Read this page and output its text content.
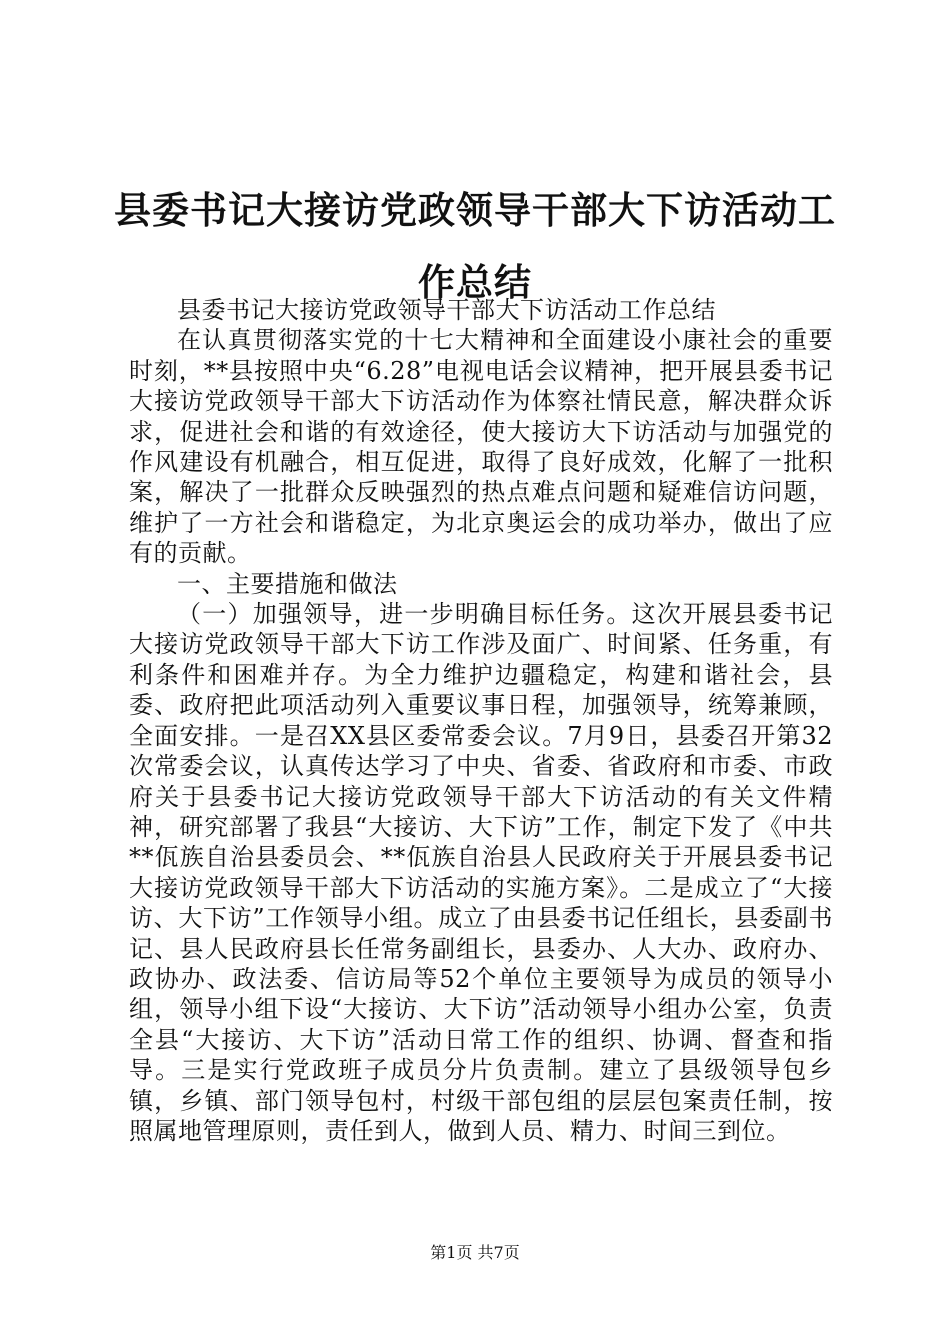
县委书记大接访党政领导干部大下访活动工作总结

县委书记大接访党政领导干部大下访活动工作总结

在认真贯彻落实党的十七大精神和全面建设小康社会的重要时刻，**县按照中央“6.28”电视电话会议精神，把开展县委书记大接访党政领导干部大下访活动作为体察社情民意，解决群众诉求，促进社会和谐的有效途径，使大接访大下访活动与加强党的作风建设有机融合，相互促进，取得了良好成效，化解了一批积案，解决了一批群众反映强烈的热点难点问题和疑难信访问题，维护了一方社会和谐稳定，为北京奥运会的成功举办，做出了应有的贡献。

一、主要措施和做法

（一）加强领导，进一步明确目标任务。这次开展县委书记大接访党政领导干部大下访工作涉及面广、时间紧、任务重，有利条件和困难并存。为全力维护边疆稳定，构建和谐社会，县委、政府把此项活动列入重要议事日程，加强领导，统筹兼顾，全面安排。一是召XX县区委常委会议。7月9日，县委召开第32次常委会议，认真传达学习了中央、省委、省政府和市委、市政府关于县委书记大接访党政领导干部大下访活动的有关文件精神，研究部署了我县“大接访、大下访”工作，制定下发了《中共**佤族自治县委员会、**佤族自治县人民政府关于开展县委书记大接访党政领导干部大下访活动的实施方案》。二是成立了“大接访、大下访”工作领导小组。成立了由县委书记任组长，县委副书记、县人民政府县长任常务副组长，县委办、人大办、政府办、政协办、政法委、信访局等52个单位主要领导为成员的领导小组，领导小组下设“大接访、大下访”活动领导小组办公室，负责全县“大接访、大下访”活动日常工作的组织、协调、督查和指导。三是实行党政班子成员分片负责制。建立了县级领导包乡镇，乡镇、部门领导包村，村级干部包组的层层包案责任制，按照属地管理原则，责任到人，做到人员、精力、时间三到位。

第1页 共7页
